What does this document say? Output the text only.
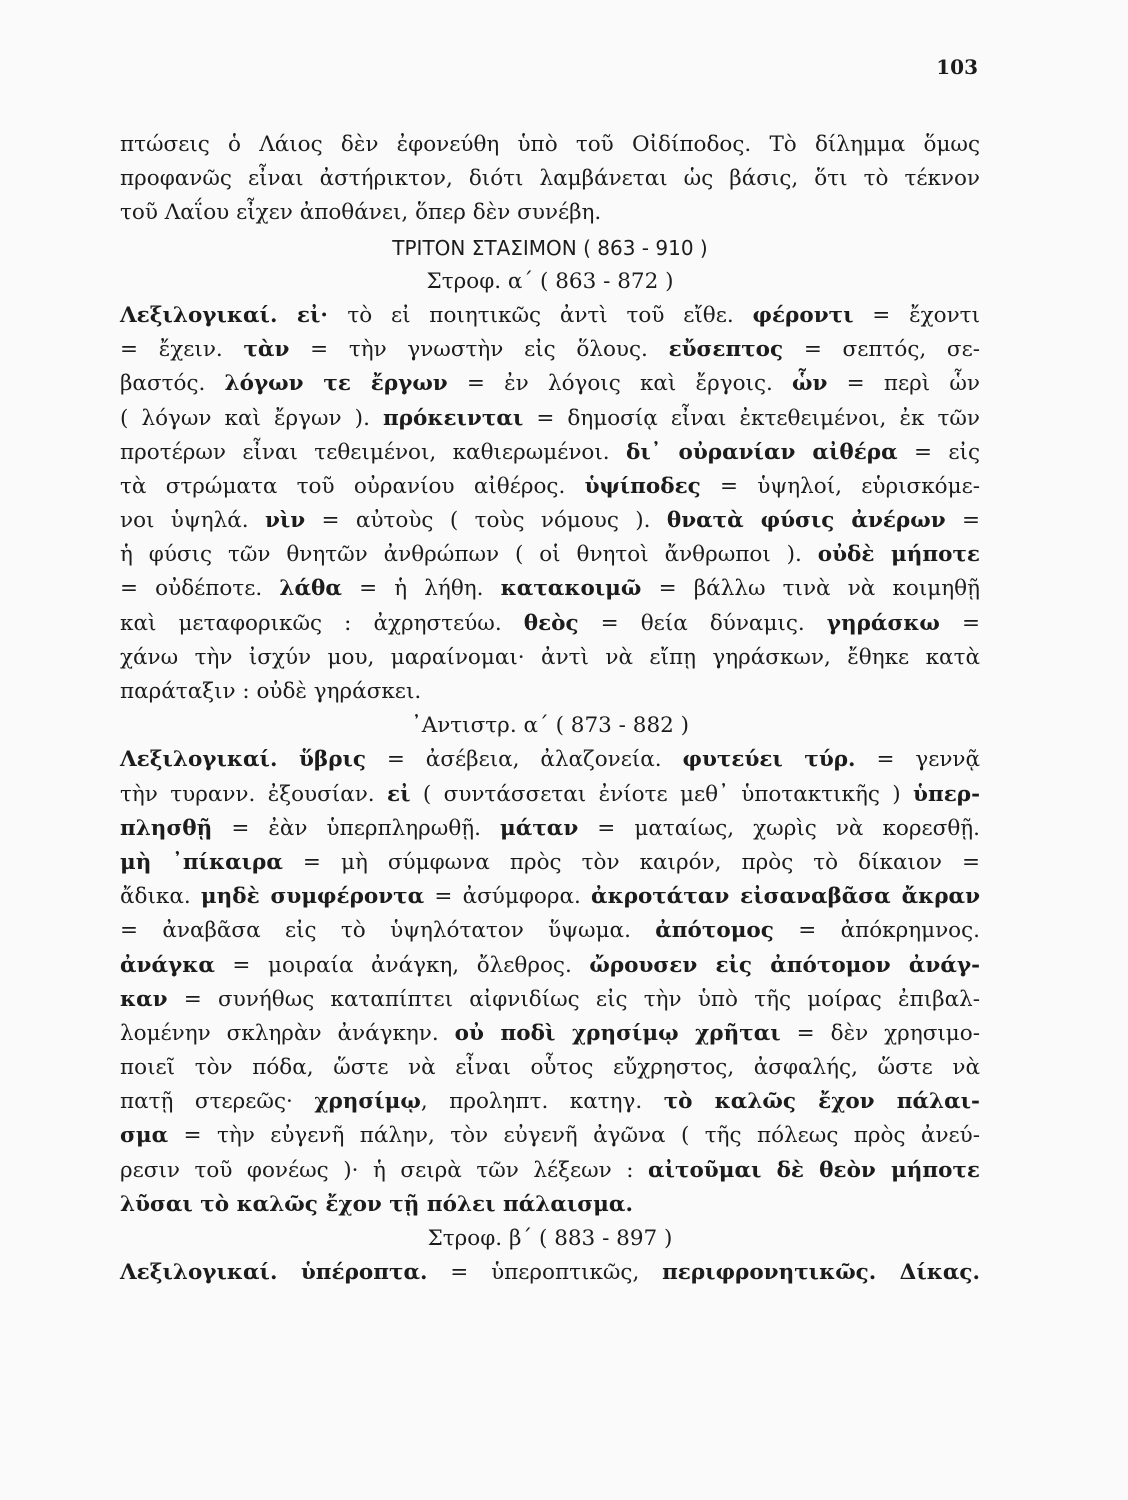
103
πτώσεις ὁ Λάιος δὲν ἐφονεύθη ὑπὸ τοῦ Οἰδίποδος. Τὸ δίλημμα ὅμως
προφανῶς εἶναι ἀστήρικτον, διότι λαμβάνεται ὡς βάσις, ὅτι τὸ τέκνον
τοῦ Λαΐου εἶχεν ἀποθάνει, ὅπερ δὲν συνέβη.
ΤΡΙΤΟΝ ΣΤΑΣΙΜΟΝ ( 863 - 910 )
Στροφ. α΄ ( 863 - 872 )
Λεξιλογικαί. εἰ· τὸ εἰ ποιητικῶς ἀντὶ τοῦ εἴθε. φέροντι = ἔχοντι
= ἔχειν. τὰν = τὴν γνωστὴν εἰς ὅλους. εὔσεπτος = σεπτός, σε-
βαστός. λόγων τε ἔργων = ἐν λόγοις καὶ ἔργοις. ὧν = περὶ ὧν
( λόγων καὶ ἔργων ). πρόκεινται = δημοσίᾳ εἶναι ἐκτεθειμένοι, ἐκ τῶν
προτέρων εἶναι τεθειμένοι, καθιερωμένοι. δι᾽ οὐρανίαν αἰθέρα = εἰς
τὰ στρώματα τοῦ οὐρανίου αἰθέρος. ὑψίποδες = ὑψηλοί, εὑρισκόμε-
νοι ὑψηλά. νὶν = αὐτοὺς ( τοὺς νόμους ). θνατὰ φύσις ἀνέρων =
ἡ φύσις τῶν θνητῶν ἀνθρώπων ( οἱ θνητοὶ ἄνθρωποι ). οὐδὲ μήποτε
= οὐδέποτε. λάθα = ἡ λήθη. κατακοιμῶ = βάλλω τινὰ νὰ κοιμηθῇ
καὶ μεταφορικῶς : ἀχρηστεύω. θεὸς = θεία δύναμις. γηράσκω =
χάνω τὴν ἰσχύν μου, μαραίνομαι· ἀντὶ νὰ εἴπῃ γηράσκων, ἔθηκε κατὰ
παράταξιν : οὐδὲ γηράσκει.
᾽Αντιστρ. α΄ ( 873 - 882 )
Λεξιλογικαί. ὕβρις = ἀσέβεια, ἀλαζονεία. φυτεύει τύρ. = γεννᾷ
τὴν τυρανν. ἐξουσίαν. εἰ ( συντάσσεται ἐνίοτε μεθ᾽ ὑποτακτικῆς ) ὑπερ-
πλησθῇ = ἐὰν ὑπερπληρωθῇ. μάταν = ματαίως, χωρὶς νὰ κορεσθῇ.
μὴ ᾽πίκαιρα = μὴ σύμφωνα πρὸς τὸν καιρόν, πρὸς τὸ δίκαιον =
ἄδικα. μηδὲ συμφέροντα = ἀσύμφορα. ἀκροτάταν εἰσαναβᾶσα ἄκραν
= ἀναβᾶσα εἰς τὸ ὑψηλότατον ὕψωμα. ἀπότομος = ἀπόκρημνος.
ἀνάγκα = μοιραία ἀνάγκη, ὄλεθρος. ὤρουσεν εἰς ἀπότομον ἀνάγ-
καν = συνήθως καταπίπτει αἰφνιδίως εἰς τὴν ὑπὸ τῆς μοίρας ἐπιβαλ-
λομένην σκληρὰν ἀνάγκην. οὐ ποδὶ χρησίμῳ χρῆται = δὲν χρησιμο-
ποιεῖ τὸν πόδα, ὥστε νὰ εἶναι οὗτος εὔχρηστος, ἀσφαλής, ὥστε νὰ
πατῇ στερεῶς· χρησίμῳ, προληπτ. κατηγ. τὸ καλῶς ἔχον πάλαι-
σμα = τὴν εὐγενῆ πάλην, τὸν εὐγενῆ ἀγῶνα ( τῆς πόλεως πρὸς ἀνεύ-
ρεσιν τοῦ φονέως )· ἡ σειρὰ τῶν λέξεων : αἰτοῦμαι δὲ θεὸν μήποτε
λῦσαι τὸ καλῶς ἔχον τῇ πόλει πάλαισμα.
Στροφ. β΄ ( 883 - 897 )
Λεξιλογικαί. ὑπέροπτα. = ὑπεροπτικῶς, περιφρονητικῶς. Δίκας.
